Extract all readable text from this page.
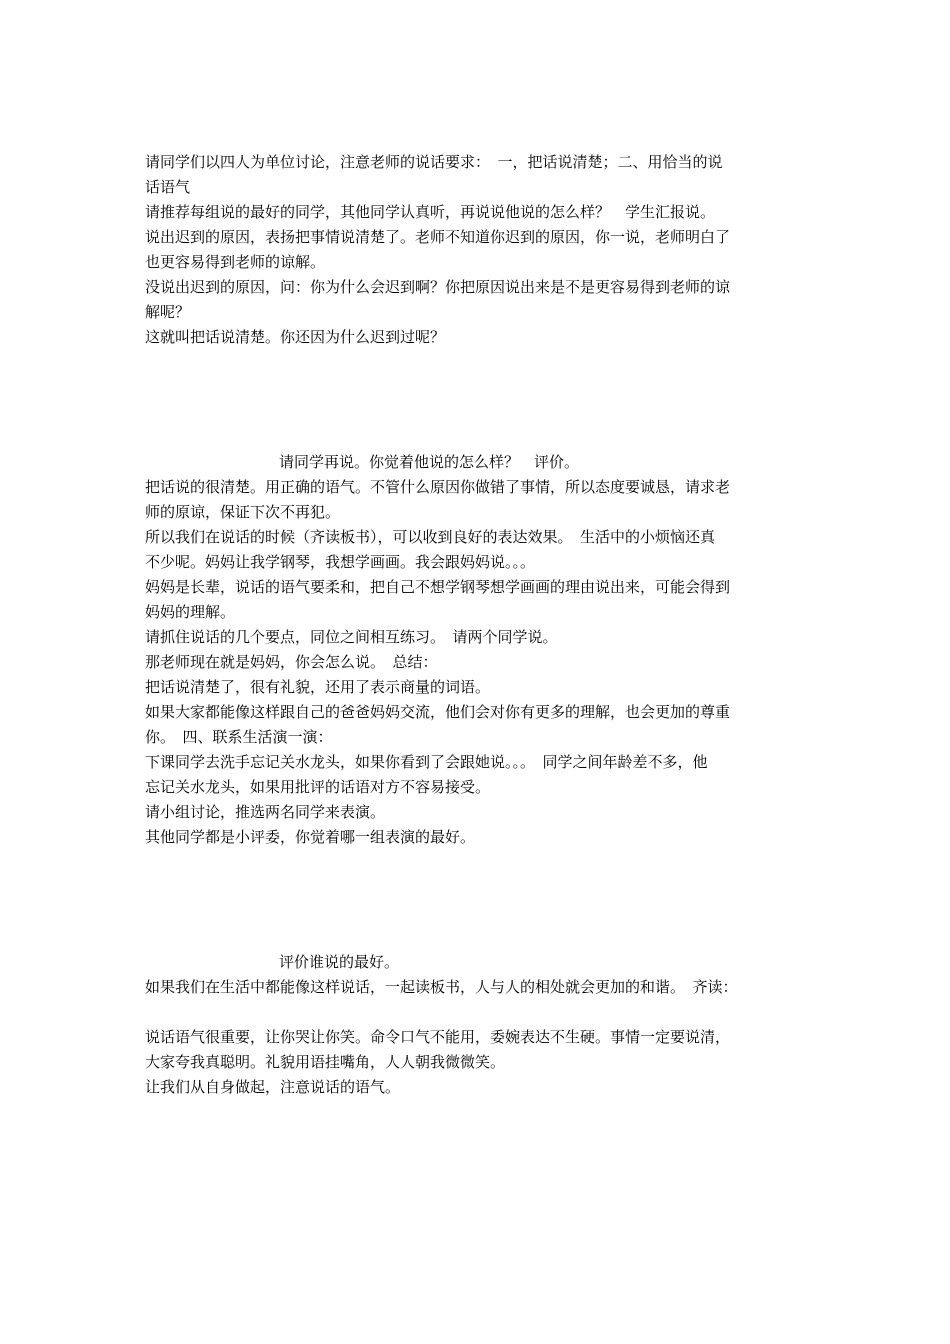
请同学们以四人为单位讨论，注意老师的说话要求：　一，把话说清楚；二、用恰当的说
话语气
请推荐每组说的最好的同学，其他同学认真听，再说说他说的怎么样？　学生汇报说。
说出迟到的原因，表扬把事情说清楚了。老师不知道你迟到的原因，你一说，老师明白了
也更容易得到老师的谅解。
没说出迟到的原因，问：你为什么会迟到啊？你把原因说出来是不是更容易得到老师的谅
解呢？
这就叫把话说清楚。你还因为什么迟到过呢？
请同学再说。你觉着他说的怎么样？　评价。
把话说的很清楚。用正确的语气。不管什么原因你做错了事情，所以态度要诚恳，请求老
师的原谅，保证下次不再犯。
所以我们在说话的时候（齐读板书），可以收到良好的表达效果。　生活中的小烦恼还真
不少呢。妈妈让我学钢琴，我想学画画。我会跟妈妈说。。。
妈妈是长辈，说话的语气要柔和，把自己不想学钢琴想学画画的理由说出来，可能会得到
妈妈的理解。
请抓住说话的几个要点，同位之间相互练习。　请两个同学说。
那老师现在就是妈妈，你会怎么说。　总结：
把话说清楚了，很有礼貌，还用了表示商量的词语。
如果大家都能像这样跟自己的爸爸妈妈交流，他们会对你有更多的理解，也会更加的尊重
你。　四、联系生活演一演：
下课同学去洗手忘记关水龙头，如果你看到了会跟她说。。。　同学之间年龄差不多，他
忘记关水龙头，如果用批评的话语对方不容易接受。
请小组讨论，推选两名同学来表演。
其他同学都是小评委，你觉着哪一组表演的最好。
评价谁说的最好。
如果我们在生活中都能像这样说话，一起读板书，人与人的相处就会更加的和谐。　齐读：
说话语气很重要，让你哭让你笑。命令口气不能用，委婉表达不生硬。事情一定要说清，
大家夸我真聪明。礼貌用语挂嘴角，人人朝我微微笑。
让我们从自身做起，注意说话的语气。
